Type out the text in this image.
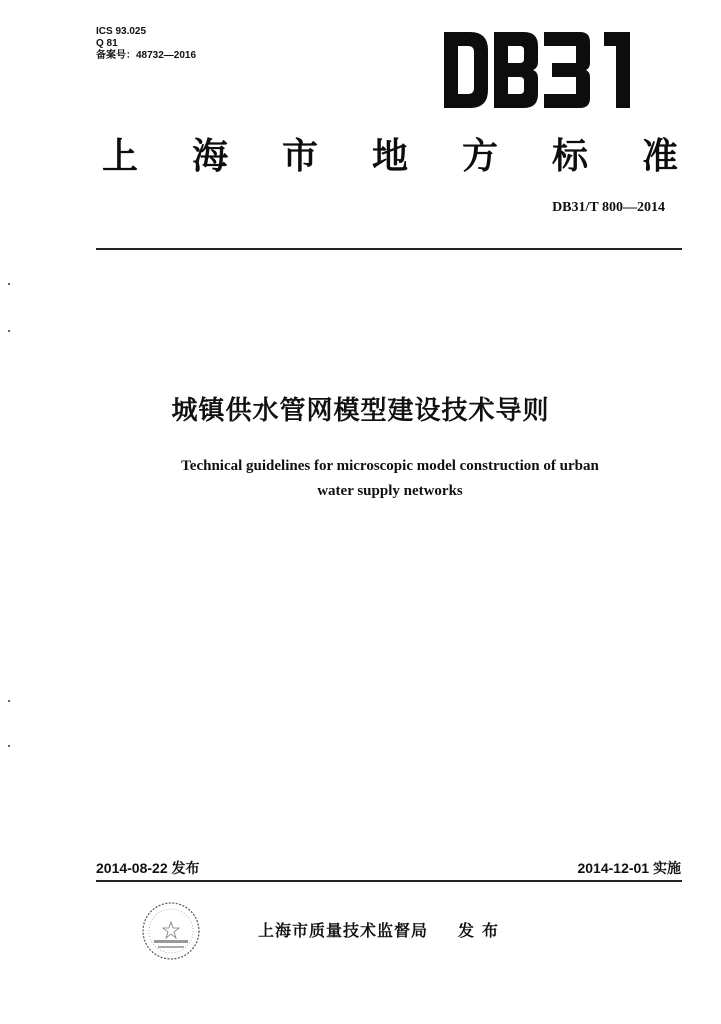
ICS 93.025
Q 81
备案号：48732—2016
上	海	市	地	方	标	准
DB31/T 800—2014
城镇供水管网模型建设技术导则
Technical guidelines for microscopic model construction of urban
water supply networks
2014-08-22 发布	2014-12-01 实施
上海市质量技术监督局 发布
